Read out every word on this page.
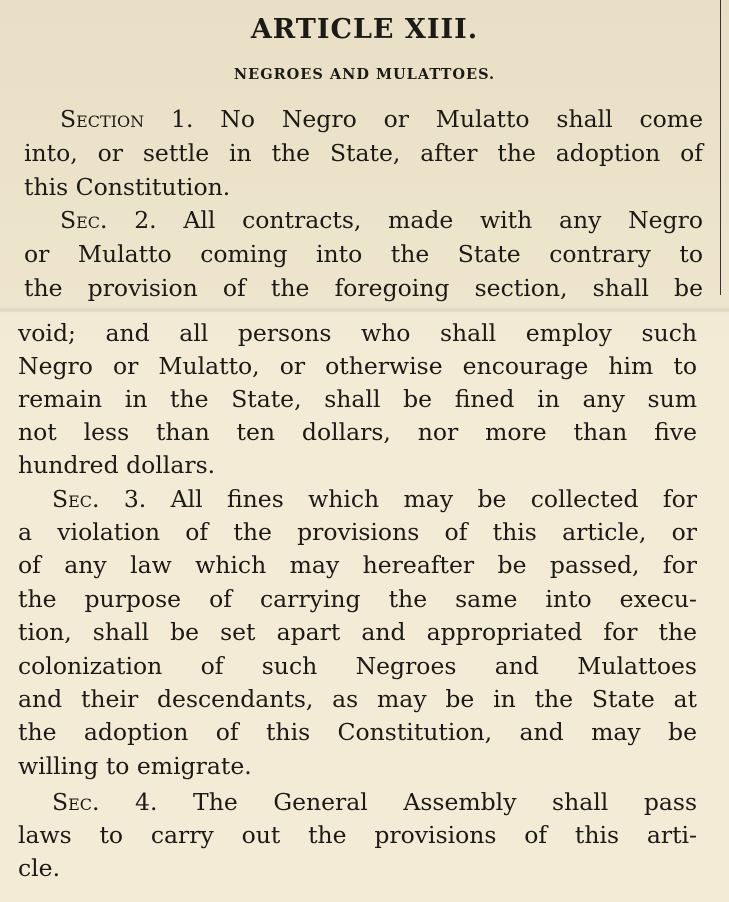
ARTICLE XIII.
NEGROES AND MULATTOES.
Section 1. No Negro or Mulatto shall come
into, or settle in the State, after the adoption of
this Constitution.
Sec. 2. All contracts, made with any Negro
or Mulatto coming into the State contrary to
the provision of the foregoing section, shall be
void; and all persons who shall employ such
Negro or Mulatto, or otherwise encourage him to
remain in the State, shall be fined in any sum
not less than ten dollars, nor more than five
hundred dollars.
Sec. 3. All fines which may be collected for
a violation of the provisions of this article, or
of any law which may hereafter be passed, for
the purpose of carrying the same into execu-
tion, shall be set apart and appropriated for the
colonization of such Negroes and Mulattoes
and their descendants, as may be in the State at
the adoption of this Constitution, and may be
willing to emigrate.
Sec. 4. The General Assembly shall pass
laws to carry out the provisions of this arti-
cle.
